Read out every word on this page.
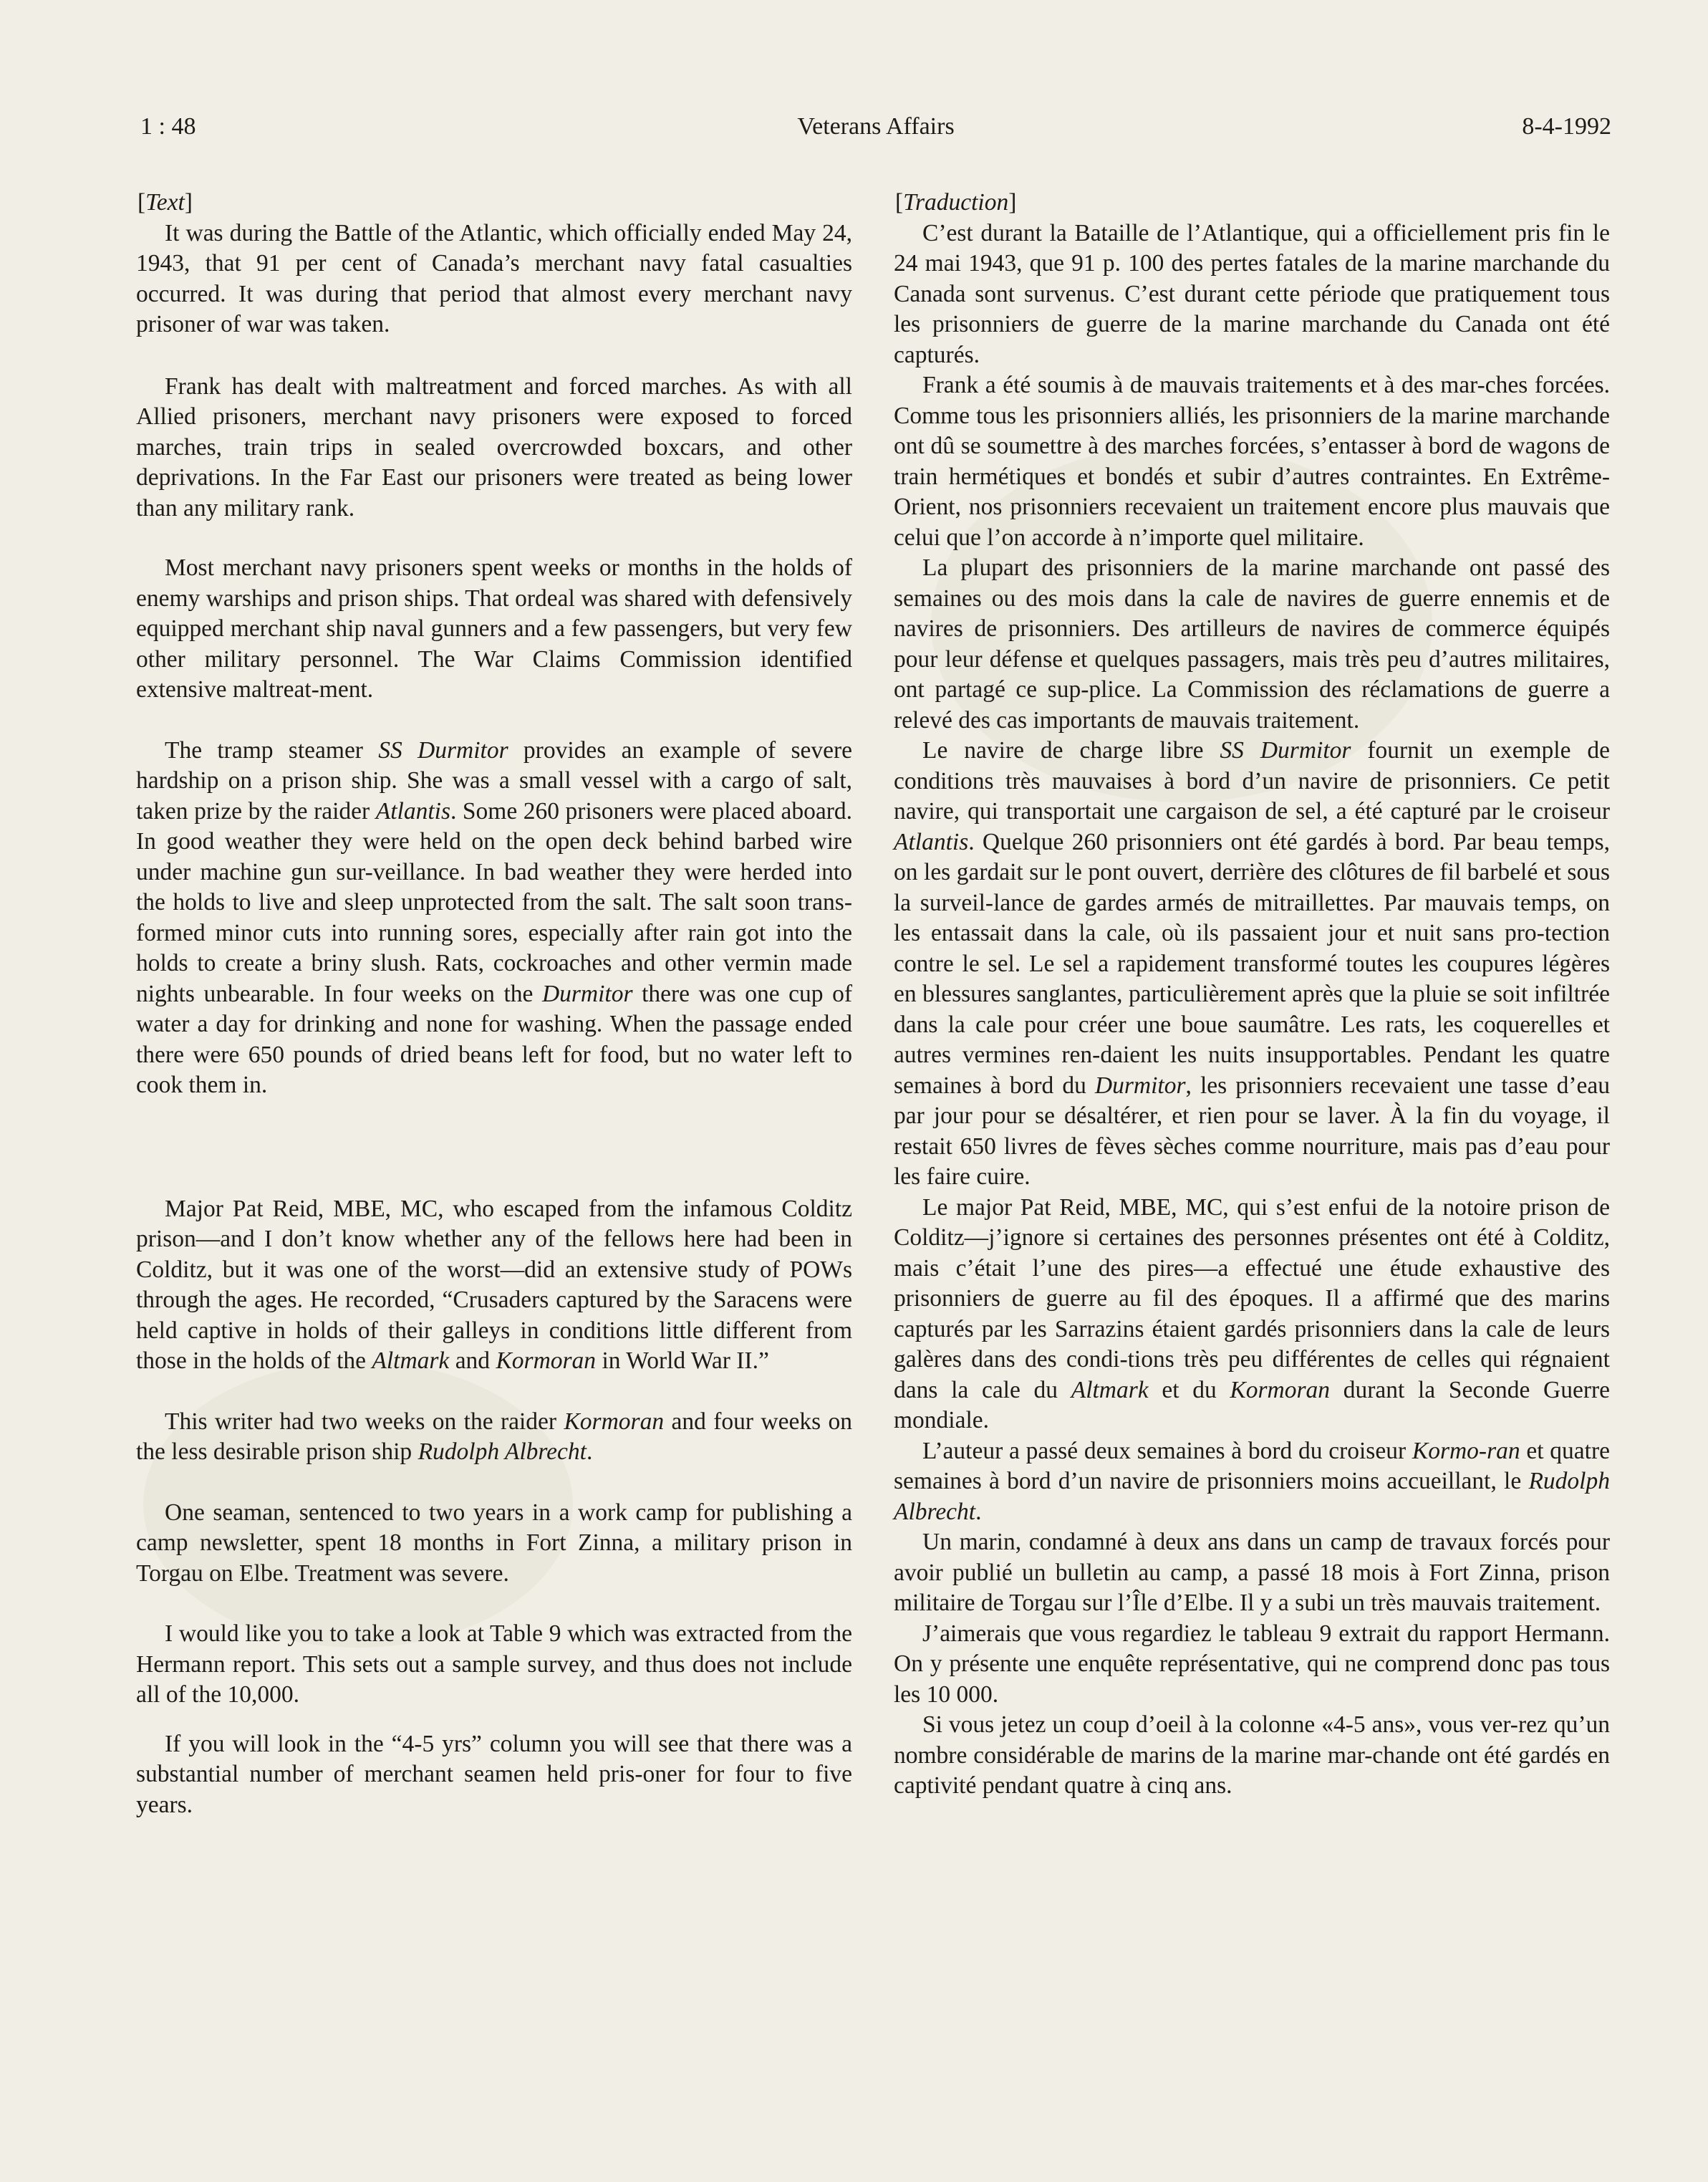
1 : 48	Veterans Affairs	8-4-1992
[Text]

It was during the Battle of the Atlantic, which officially ended May 24, 1943, that 91 per cent of Canada’s merchant navy fatal casualties occurred. It was during that period that almost every merchant navy prisoner of war was taken.

Frank has dealt with maltreatment and forced marches. As with all Allied prisoners, merchant navy prisoners were exposed to forced marches, train trips in sealed overcrowded boxcars, and other deprivations. In the Far East our prisoners were treated as being lower than any military rank.

Most merchant navy prisoners spent weeks or months in the holds of enemy warships and prison ships. That ordeal was shared with defensively equipped merchant ship naval gunners and a few passengers, but very few other military personnel. The War Claims Commission identified extensive maltreat-ment.

The tramp steamer SS Durmitor provides an example of severe hardship on a prison ship. She was a small vessel with a cargo of salt, taken prize by the raider Atlantis. Some 260 prisoners were placed aboard. In good weather they were held on the open deck behind barbed wire under machine gun sur-veillance. In bad weather they were herded into the holds to live and sleep unprotected from the salt. The salt soon trans-formed minor cuts into running sores, especially after rain got into the holds to create a briny slush. Rats, cockroaches and other vermin made nights unbearable. In four weeks on the Durmitor there was one cup of water a day for drinking and none for washing. When the passage ended there were 650 pounds of dried beans left for food, but no water left to cook them in.

Major Pat Reid, MBE, MC, who escaped from the infamous Colditz prison—and I don’t know whether any of the fellows here had been in Colditz, but it was one of the worst—did an extensive study of POWs through the ages. He recorded, “Crusaders captured by the Saracens were held captive in holds of their galleys in conditions little different from those in the holds of the Altmark and Kormoran in World War II.”

This writer had two weeks on the raider Kormoran and four weeks on the less desirable prison ship Rudolph Albrecht.

One seaman, sentenced to two years in a work camp for publishing a camp newsletter, spent 18 months in Fort Zinna, a military prison in Torgau on Elbe. Treatment was severe.

I would like you to take a look at Table 9 which was extracted from the Hermann report. This sets out a sample survey, and thus does not include all of the 10,000.

If you will look in the “4-5 yrs” column you will see that there was a substantial number of merchant seamen held pris-oner for four to five years.

[Traduction]

C’est durant la Bataille de l’Atlantique, qui a officiellement pris fin le 24 mai 1943, que 91 p. 100 des pertes fatales de la marine marchande du Canada sont survenus. C’est durant cette période que pratiquement tous les prisonniers de guerre de la marine marchande du Canada ont été capturés.

Frank a été soumis à de mauvais traitements et à des mar-ches forcées. Comme tous les prisonniers alliés, les prisonniers de la marine marchande ont dû se soumettre à des marches forcées, s’entasser à bord de wagons de train hermétiques et bondés et subir d’autres contraintes. En Extrême-Orient, nos prisonniers recevaient un traitement encore plus mauvais que celui que l’on accorde à n’importe quel militaire.

La plupart des prisonniers de la marine marchande ont passé des semaines ou des mois dans la cale de navires de guerre ennemis et de navires de prisonniers. Des artilleurs de navires de commerce équipés pour leur défense et quelques passagers, mais très peu d’autres militaires, ont partagé ce sup-plice. La Commission des réclamations de guerre a relevé des cas importants de mauvais traitement.

Le navire de charge libre SS Durmitor fournit un exemple de conditions très mauvaises à bord d’un navire de prisonniers. Ce petit navire, qui transportait une cargaison de sel, a été capturé par le croiseur Atlantis. Quelque 260 prisonniers ont été gardés à bord. Par beau temps, on les gardait sur le pont ouvert, derrière des clôtures de fil barbelé et sous la surveil-lance de gardes armés de mitraillettes. Par mauvais temps, on les entassait dans la cale, où ils passaient jour et nuit sans pro-tection contre le sel. Le sel a rapidement transformé toutes les coupures légères en blessures sanglantes, particulièrement après que la pluie se soit infiltrée dans la cale pour créer une boue saumâtre. Les rats, les coquerelles et autres vermines ren-daient les nuits insupportables. Pendant les quatre semaines à bord du Durmitor, les prisonniers recevaient une tasse d’eau par jour pour se désaltérer, et rien pour se laver. À la fin du voyage, il restait 650 livres de fèves sèches comme nourriture, mais pas d’eau pour les faire cuire.

Le major Pat Reid, MBE, MC, qui s’est enfui de la notoire prison de Colditz—j’ignore si certaines des personnes présentes ont été à Colditz, mais c’était l’une des pires—a effectué une étude exhaustive des prisonniers de guerre au fil des époques. Il a affirmé que des marins capturés par les Sarrazins étaient gardés prisonniers dans la cale de leurs galères dans des condi-tions très peu différentes de celles qui régnaient dans la cale du Altmark et du Kormoran durant la Seconde Guerre mondiale.

L’auteur a passé deux semaines à bord du croiseur Kormo-ran et quatre semaines à bord d’un navire de prisonniers moins accueillant, le Rudolph Albrecht.

Un marin, condamné à deux ans dans un camp de travaux forcés pour avoir publié un bulletin au camp, a passé 18 mois à Fort Zinna, prison militaire de Torgau sur l’Île d’Elbe. Il y a subi un très mauvais traitement.

J’aimerais que vous regardiez le tableau 9 extrait du rapport Hermann. On y présente une enquête représentative, qui ne comprend donc pas tous les 10 000.

Si vous jetez un coup d’oeil à la colonne «4-5 ans», vous ver-rez qu’un nombre considérable de marins de la marine mar-chande ont été gardés en captivité pendant quatre à cinq ans.
